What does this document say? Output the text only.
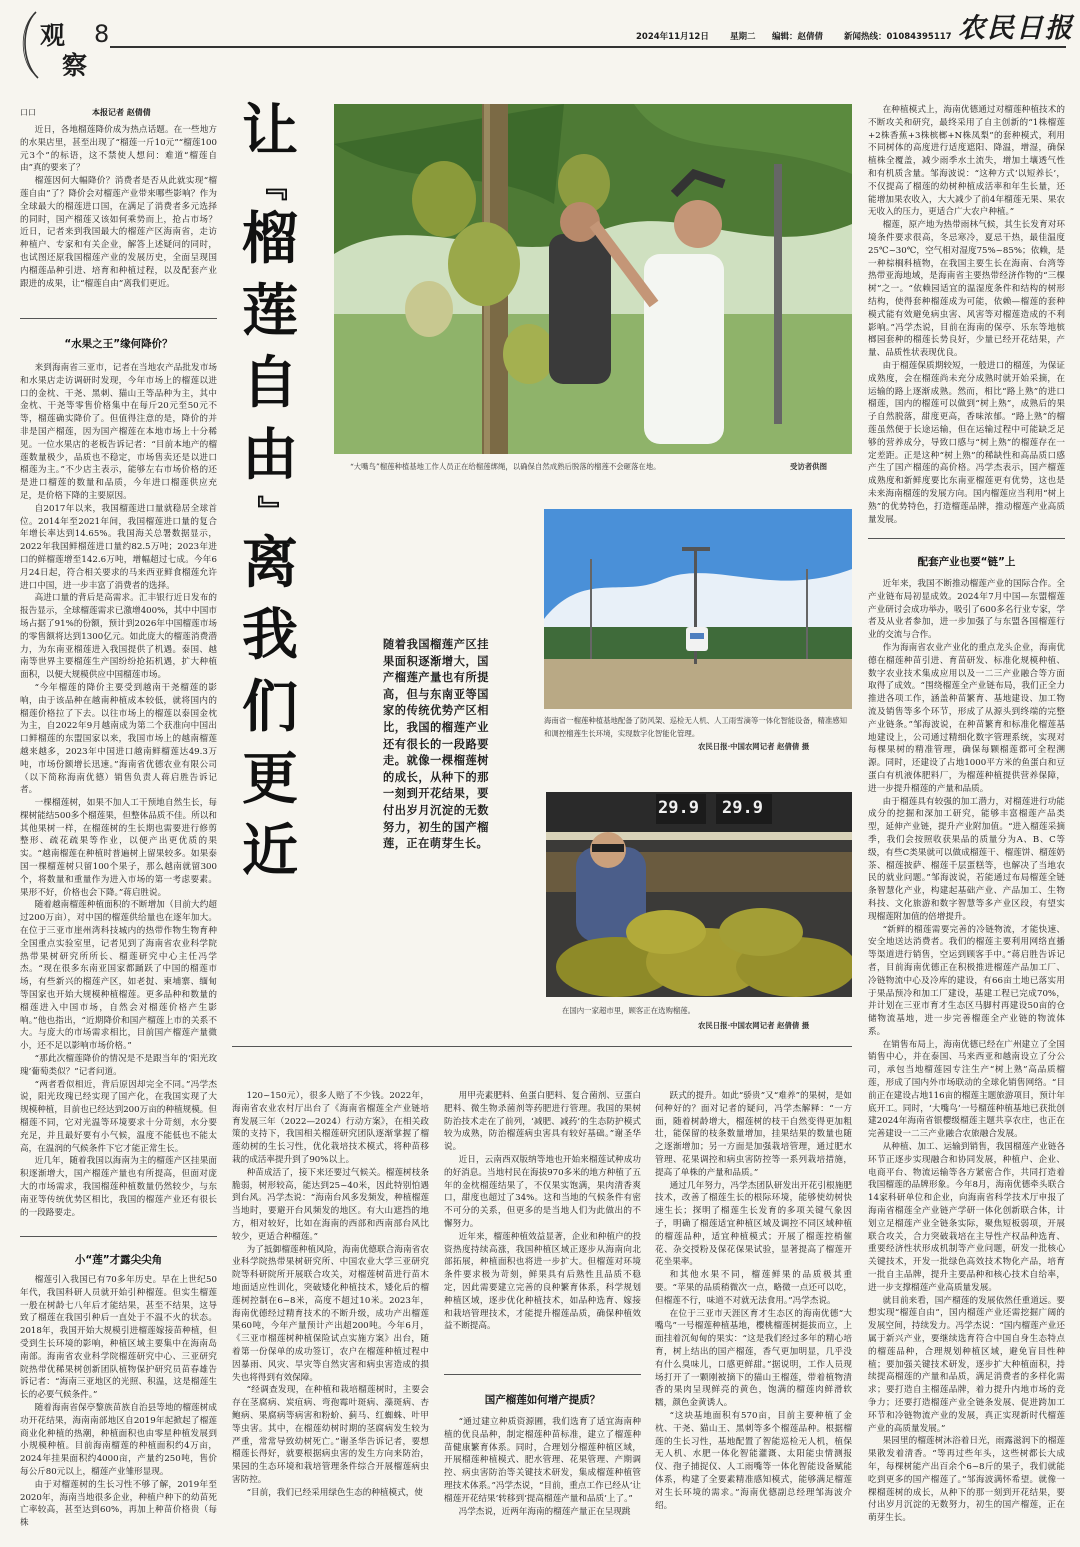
观
察
8	2024年11月12日 星期二 编辑：赵倩倩 新闻热线：01084395117 农民日报
口口	本报记者 赵倩倩

近日，各地榴莲降价成为热点话题。在一些地方的水果店里，甚至出现了“榴莲一斤10元”“榴莲100元3个”的标语，这不禁使人想问：难道“榴莲自由”真的要来了？

榴莲因何大幅降价？消费者是否从此就实现“榴莲自由”了？降价会对榴莲产业带来哪些影响？作为全球最大的榴莲进口国，在满足了消费者多元选择的同时，国产榴莲又该如何乘势而上，抢占市场？近日，记者来到我国最大的榴莲产区海南省，走访种植户、专家和有关企业，解答上述疑问的同时，也试图还原我国榴莲产业的发展历史，全面呈现国内榴莲品种引进、培育和种植过程，以及配套产业跟进的成果，让“榴莲自由”离我们更近。

“水果之王”缘何降价？

来到海南省三亚市，记者在当地农产品批发市场和水果店走访调研时发现，今年市场上的榴莲以进口的金枕、干尧、黑刺、猫山王等品种为主，其中金枕、干尧等零售价格集中在每斤20元至50元不等，榴莲确实降价了。但值得注意的是，降价的并非是国产榴莲，因为国产榴莲在本地市场上十分稀见。一位水果店的老板告诉记者：“目前本地产的榴莲数量极少，品质也不稳定，市场售卖还是以进口榴莲为主。”不少店主表示，能够左右市场价格的还是进口榴莲的数量和品质，今年进口榴莲供应充足，是价格下降的主要原因。

自2017年以来，我国榴莲进口量就稳居全球首位。2014年至2021年间，我国榴莲进口量的复合年增长率达到14.65%。我国海关总署数据显示，2022年我国鲜榴莲进口量约82.5万吨；2023年进口的鲜榴莲增至142.6万吨，增幅超过七成。今年6月24日起，符合相关要求的马来西亚鲜食榴莲允许进口中国，进一步丰富了消费者的选择。

高进口量的背后是高需求。汇丰银行近日发布的报告显示，全球榴莲需求已激增400%，其中中国市场占据了91%的份额，预计到2026年中国榴莲市场的零售额将达到1300亿元。如此庞大的榴莲消费潜力，为东南亚榴莲进入我国提供了机遇。泰国、越南等世界主要榴莲生产国纷纷抢拓机遇，扩大种植面积，以便大规模供应中国榴莲市场。

“今年榴莲的降价主要受到越南干尧榴莲的影响，由于该品种在越南种植成本较低，就将国内的榴莲价格拉了下去。以往市场上的榴莲以泰国金枕为主，自2022年9月越南成为第二个获准向中国出口鲜榴莲的东盟国家以来，我国市场上的越南榴莲越来越多，2023年中国进口越南鲜榴莲达49.3万吨，市场份额增长迅速。”海南省优德农业有限公司（以下简称海南优德）销售负责人蒋启胜告诉记者。

一棵榴莲树，如果不加人工干预地自然生长，每棵树能结500多个榴莲果，但整体品质不佳。所以和其他果树一样，在榴莲树的生长期也需要进行修剪整形、疏花疏果等作业，以便产出更优质的果实。“越南榴莲在种植时普遍树上留果较多。如果泰国一棵榴莲树只留100个果子，那么越南就留300个，将数量和重量作为进入市场的第一考虑要素。果形不好，价格也会下降。”蒋启胜说。

随着越南榴莲种植面积的不断增加（目前大约超过200万亩），对中国的榴莲供给量也在逐年加大。在位于三亚市崖州湾科技城内的热带作物生物育种全国重点实验室里，记者见到了海南省农业科学院热带果树研究所所长、榴莲研究中心主任冯学杰。“现在很多东南亚国家都踊跃了中国的榴莲市场，有些新兴的榴莲产区，如老挝、柬埔寨、缅甸等国家也开始大规模种植榴莲。更多品种和数量的榴莲进入中国市场，自然会对榴莲价格产生影响。”他也指出，“近期降价和国产榴莲上市的关系不大。与庞大的市场需求相比，目前国产榴莲产量微小，还不足以影响市场价格。”

“那此次榴莲降价的情况是不是跟当年的‘阳光玫瑰’葡萄类似？”记者问道。

“两者看似相近，背后原因却完全不同。”冯学杰说，阳光玫瑰已经实现了国产化，在我国实现了大规模种植，目前也已经达到200万亩的种植规模。但榴莲不同，它对光温等环境要求十分苛刻，水分要充足，并且最好要有小气候，温度不能低也不能太高，在温润的气候条件下它才能正常生长。

近几年，随着我国以海南为主的榴莲产区挂果面积逐渐增大，国产榴莲产量也有所提高，但面对庞大的市场需求，我国榴莲种植数量仍然较少，与东南亚等传统优势区相比，我国的榴莲产业还有很长的一段路要走。

小“莲”才露尖尖角

榴莲引入我国已有70多年历史。早在上世纪50年代，我国科研人员就开始引种榴莲。但实生榴莲一般在树龄七八年后才能结果，甚至不结果，这导致了榴莲在我国引种后一直处于不温不火的状态。2018年，我国开始大规模引进榴莲嫁接苗种植，但受到生长环境的影响，种植区域主要集中在海南岛南部。海南省农业科学院榴莲研究中心、三亚研究院热带优稀果树创新团队植物保护研究员苗春雄告诉记者：“海南三亚地区的光照、积温，这是榴莲生长的必要气候条件。”

随着海南省保亭黎族苗族自治县等地的榴莲树成功开花结果，海南南部地区自2019年起掀起了榴莲商业化种植的热潮，种植面积也由零星种植发展到小规模种植。目前海南榴莲的种植面积约4万亩，2024年挂果面积约4000亩，产量约250吨，售价每公斤80元以上，榴莲产业雏形显现。

由于对榴莲树的生长习性不够了解，2019年至2020年，海南当地很多企业，种植户种下的幼苗死亡率较高，甚至达到60%，再加上种苗价格贵（每株

让
『
榴
莲
自
由
』
离
我
们
更
近
“大嘴鸟”榴莲种植基地工作人员正在给榴莲绑绳，以确保自然成熟后脱落的榴莲不会砸落在地。	受访者供图
随着我国榴莲产区挂果面积逐渐增大，国产榴莲产量也有所提高，但与东南亚等国家的传统优势产区相比，我国的榴莲产业还有很长的一段路要走。就像一棵榴莲树的成长，从种下的那一刻到开花结果，要付出岁月沉淀的无数努力，初生的国产榴莲，正在萌芽生长。
海南省一榴莲种植基地配备了防风架、巡检无人机、人工雨雪滴等一体化智能设备，精准感知和调控榴莲生长环境，实现数字化智能化管理。
农民日报·中国农网记者 赵倩倩 摄
29.9 29.9
在国内一家超市里，顾客正在选购榴莲。
农民日报·中国农网记者 赵倩倩 摄

120~150元），很多人赔了不少钱。2022年，海南省农业农村厅出台了《海南省榴莲全产业链培育发展三年（2022—2024）行动方案》，在相关政策的支持下，我国相关榴莲研究团队逐渐掌握了榴莲幼树的生长习性，优化栽培技术模式，将种苗移栽的成活率提升到了90%以上。

种苗成活了，接下来还要过气候关。榴莲树枝条脆弱，树形较高，能达到25~40米，因此特别怕遇到台风。冯学杰说：“海南台风多发频发，种植榴莲当地时，要避开台风频发的地区。有大山遮挡的地方，相对较好，比如在海南的西部和西南部台风比较少，更适合种榴莲。”

为了抵御榴莲种植风险，海南优德联合海南省农业科学院热带果树研究所、中国农业大学三亚研究院等科研院所开展联合攻关，对榴莲树苗进行苗木地面适应性训化，突破矮化种植技术，矮化后的榴莲树控制在6~8米，高度不超过10米。2023年，海南优德经过精育技术的不断升级，成功产出榴莲果60吨，今年产量预计产出超200吨。今年6月，《三亚市榴莲树种植保险试点实施方案》出台，随着第一份保单的成功签订，农户在榴莲种植过程中因暴雨、风灾、旱灾等自然灾害和病虫害造成的损失也将得到有效保障。

“经调查发现，在种植和栽培榴莲树时，主要会存在茎腐病、炭疽病、弯孢霉叶斑病、藻斑病、杏鲍病、果腐病等病害和粉蚧、蓟马、红蜘蛛、叶甲等虫害。其中，在榴莲幼树时期的茎腐病发生较为严重，常常导致幼树死亡。”谢圣华告诉记者，要想榴莲长得好，就要根据病虫害的发生方向来防治，果园的生态环境和栽培管理条件综合开展榴莲病虫害防控。

“目前，我们已经采用绿色生态的种植模式，使

用甲壳素肥料、鱼蛋白肥料、复合菌剂、豆蛋白肥料、微生物杀菌剂等药肥进行管理。我国的果树防治技术走在了前列，‘减肥、减药’的生态防护模式较为成熟，防治榴莲病虫害具有较好基础。”谢圣华说。

近日，云南西双版纳等地也开始来榴莲试种成功的好消息。当地村民在海拔970多米的地方种植了五年的金枕榴莲结果了，不仅果实饱满，果肉清香爽口，甜度也超过了34%。这和当地的气候条件有密不可分的关系，但更多的是当地人们为此做出的不懈努力。

近年来，榴莲种植效益显著，企业和种植户的投资热度持续高涨，我国种植区域正逐步从海南向北部拓展，种植面积也将进一步扩大。但榴莲对环境条件要求极为苛刻，鲜果具有后熟性且品质不稳定，因此需要建立完善的良种繁育体系，科学规划种植区域，逐步优化种植技术，如品种选育、嫁接和栽培管理技术，才能提升榴莲品质，确保种植效益不断提高。

国产榴莲如何增产提质？

“通过建立种质资源圃，我们选育了适宜海南种植的优良品种，制定榴莲种苗标准，建立了榴莲种苗健康繁育体系。同时，合理划分榴莲种植区域，开展榴莲种植模式、肥水管理、花果管理、产期调控、病虫害防治等关键技术研发，集成榴莲种植管理技术体系。”冯学杰说，“目前，重点工作已经从‘让榴莲开花结果’转移到‘提高榴莲产量和品质’上了。”

冯学杰说，近两年海南的榴莲产量正在呈现跳

跃式的提升。如此“骄贵”又“难养”的果树，是如何种好的？面对记者的疑问，冯学杰解释：“一方面，随着树龄增大，榴莲树的枝干自然变得更加粗壮，能保留的枝条数量增加，挂果结果的数量也随之逐渐增加；另一方面是加强栽培管理，通过肥水管理、花果调控和病虫害防控等一系列栽培措施，提高了单株的产量和品质。”

通过几年努力，冯学杰团队研发出开花引根施肥技术，改善了榴莲生长的根际环境，能够使幼树快速生长；探明了榴莲生长发育的多项关键气象因子，明确了榴莲适宜种植区域及调控不同区域种植的榴莲品种，适宜种植模式；开展了榴莲控梢催花、杂交授粉及保花保果试验，显著提高了榴莲开花坐果率。

和其他水果不同，榴莲鲜果的品质极其重要。“苹果的品质稍微次一点，略微一点还可以吃，但榴莲不行，味道不对就无法食用。”冯学杰说。

在位于三亚市天涯区育才生态区的海南优德“大嘴鸟”一号榴莲种植基地，樱桃榴莲树挺拔而立，上面挂着沉甸甸的果实：“这是我们经过多年的精心培育，树上结出的国产榴莲，香气更加明显，几乎没有什么臭味儿，口感更鲜甜。”据说明，工作人员现场打开了一颗刚被摘下的猫山王榴莲，带着植物清香的果肉呈现鲜亮的黄色，饱满的榴莲肉鲜滑软糯，颜色金黄诱人。

“这块基地面积有570亩，目前主要种植了金枕、干尧、猫山王、黑刺等多个榴莲品种。根据榴莲的生长习性，基地配置了智能巡检无人机，植保无人机、水肥一体化智能灌溉、太阳能虫情测报仪、孢子捕捉仪、人工雨嘴等一体化智能设备赋能体系，构建了全要素精准感知模式，能够满足榴莲对生长环境的需求。”海南优德副总经理邹海波介绍。

在种植模式上，海南优德通过对榴莲种植技术的不断攻关和研究，最终采用了自主创新的“1株榴莲+2株香蕉+3株槟榔+N株凤梨”的套种模式，利用不同树体的高度进行适度遮阳、降温，增湿，确保植株全覆盖，减少雨季水土流失，增加土壤透气性和有机质含量。邹海波说：“这种方式‘以短养长’，不仅提高了榴莲的幼树种植成活率和年生长量，还能增加果农收入，大大减少了前4年榴莲无果、果农无收入的压力，更适合广大农户种植。”

榴莲，原产地为热带雨林气候，其生长发育对环境条件要求很高，冬忌寒冷，夏忌干热，最佳温度25℃~30℃，空气相对湿度75%~85%；依赖，是一种棕榈科植物，在我国主要生长在海南、台湾等热带亚海地域，是海南省主要热带经济作物的“三棵树”之一。“依赖园适宜的温湿度条件和结构的树形结构，使得套种榴莲成为可能，依赖—榴莲的套种模式能有效避免病虫害、风害等对榴莲造成的不利影响。”冯学杰说，目前在海南的保亭、乐东等地槟榔园套种的榴莲长势良好，少量已经开花结果，产量、品质性状表现优良。

由于榴莲保质期较短，一般进口的榴莲，为保证成熟度，会在榴莲尚未充分成熟时就开始采摘，在运输的路上逐渐成熟。然而，相比“路上熟”的进口榴莲，国内的榴莲可以做到“树上熟”，成熟后的果子自然脱落，甜度更高，香味浓郁。“路上熟”的榴莲虽然便于长途运输，但在运输过程中可能缺乏足够的营养成分，导致口感与“树上熟”的榴莲存在一定差距。正是这种“树上熟”的稀缺性和高品质口感产生了国产榴莲的高价格。冯学杰表示，国产榴莲成熟度和新鲜度要比东南亚榴莲更有优势，这也是未来海南榴莲的发展方向。国内榴莲应当利用“树上熟”的优势特色，打造榴莲品牌，推动榴莲产业高质量发展。

配套产业也要“链”上

近年来，我国不断推动榴莲产业的国际合作。全产业链布局初显成效。2024年7月中国—东盟榴莲产业研讨会成功举办，吸引了600多名行业专家，学者及从业者参加，进一步加强了与东盟各国榴莲行业的交流与合作。

作为海南省农业产业化的重点龙头企业，海南优德在榴莲种苗引进、育苗研发、标准化规模种植、数字农业技术集成应用以及一二三产业融合等方面取得了成效。“围绕榴莲全产业链布局，我们正全力推进各项工作，涵盖种苗繁育、基地建设、加工物流及销售等多个环节，形成了从源头到终端的完整产业链条。”邹海波说，在种苗繁育和标准化榴莲基地建设上，公司通过精细化数字管理系统，实现对每棵果树的精准管理，确保每颗榴莲都可全程溯源。同时，还建设了占地1000平方米的鱼蛋白和豆蛋白有机液体肥料厂，为榴莲种植提供营养保障，进一步提升榴莲的产量和品质。

由于榴莲具有较强的加工潜力，对榴莲进行功能成分的挖掘和深加工研究，能够丰富榴莲产品类型，延伸产业链，提升产业附加值。“进入榴莲采摘季，我们会按照收获果品的质量分为A、B、C等级，有些C类果就可以做成榴莲干、榴莲饼、榴莲奶茶、榴莲披萨、榴莲千层蛋糕等，也解决了当地农民的就业问题。”邹海波说，若能通过布局榴莲全链条智慧化产业，构建起基础产业、产品加工、生物科技、文化旅游和数字智慧等多产业区段，有望实现榴莲附加值的倍增提升。

“新鲜的榴莲需要完善的冷链物流，才能快速、安全地送达消费者。我们的榴莲主要利用网络直播等渠道进行销售，空运到顾客手中。”蒋启胜告诉记者，目前海南优德正在积极推进榴莲产品加工厂、冷链物流中心及冷库的建设，有66亩土地已落实用于果品预冷和加工厂建设，基建工程已完成70%，并计划在三亚市育才生态区马脚村再建设50亩的仓储物流基地，进一步完善榴莲全产业链的物流体系。

在销售布局上，海南优德已经在广州建立了全国销售中心，并在泰国、马来西亚和越南设立了分公司，承包当地榴莲园专注生产“树上熟”高品质榴莲，形成了国内外市场联动的全球化销售网络。“目前正在建设占地116亩的榴莲主题旅游项目，预计年底开工。同时，‘大嘴鸟’一号榴莲种植基地已获批创建2024年海南省银樱级榴莲主题共享农庄，也正在完善建设一二三产业融合农旅融合发展。

从种植、加工、运输到销售，我国榴莲产业链各环节正逐步实现融合和协同发展，种植户、企业、电商平台、物流运输等各方紧密合作，共同打造着我国榴莲的品牌形象。今年8月，海南优德牵头联合14家科研单位和企业，向海南省科学技术厅申报了海南省榴莲全产业链产学研一体化创新联合体，计划立足榴莲产业全链条实际，聚焦短板弱项，开展联合攻关，合力突破栽培在主导性产权品种选育、重要经济性状形成机制等产业问题，研发一批核心关键技术，开发一批绿色高效技术物化产品，培育一批自主品牌，提升主要品种和核心技术自给率，进一步支撑榴莲产业高质量发展。

就目前来看，国产榴莲的发展依然任重道远。要想实现“榴莲自由”，国内榴莲产业还需挖掘广阔的发展空间，持续发力。冯学杰说：“国内榴莲产业还属于新兴产业，要继续选育符合中国自身生态特点的榴莲品种，合理规划种植区域，避免盲目性种植；要加强关键技术研发，逐步扩大种植面积，持续提高榴莲的产量和品质，满足消费者的多样化需求；要打造自主榴莲品牌，着力提升内地市场的竞争力；还要打造榴莲产业全链条发展、促进跨加工环节和冷链物流产业的发展，真正实现新时代榴莲产业的高质量发展。”

果园里的榴莲树沐浴着日光，雨露滋润下的榴莲果散发着清香。“等再过些年头，这些树都长大成年，每棵树能产出百余个6~8斤的果子，我们就能吃到更多的国产榴莲了。”邹海波满怀希望。就像一棵榴莲树的成长，从种下的那一刻到开花结果，要付出岁月沉淀的无数努力，初生的国产榴莲，正在萌芽生长。
